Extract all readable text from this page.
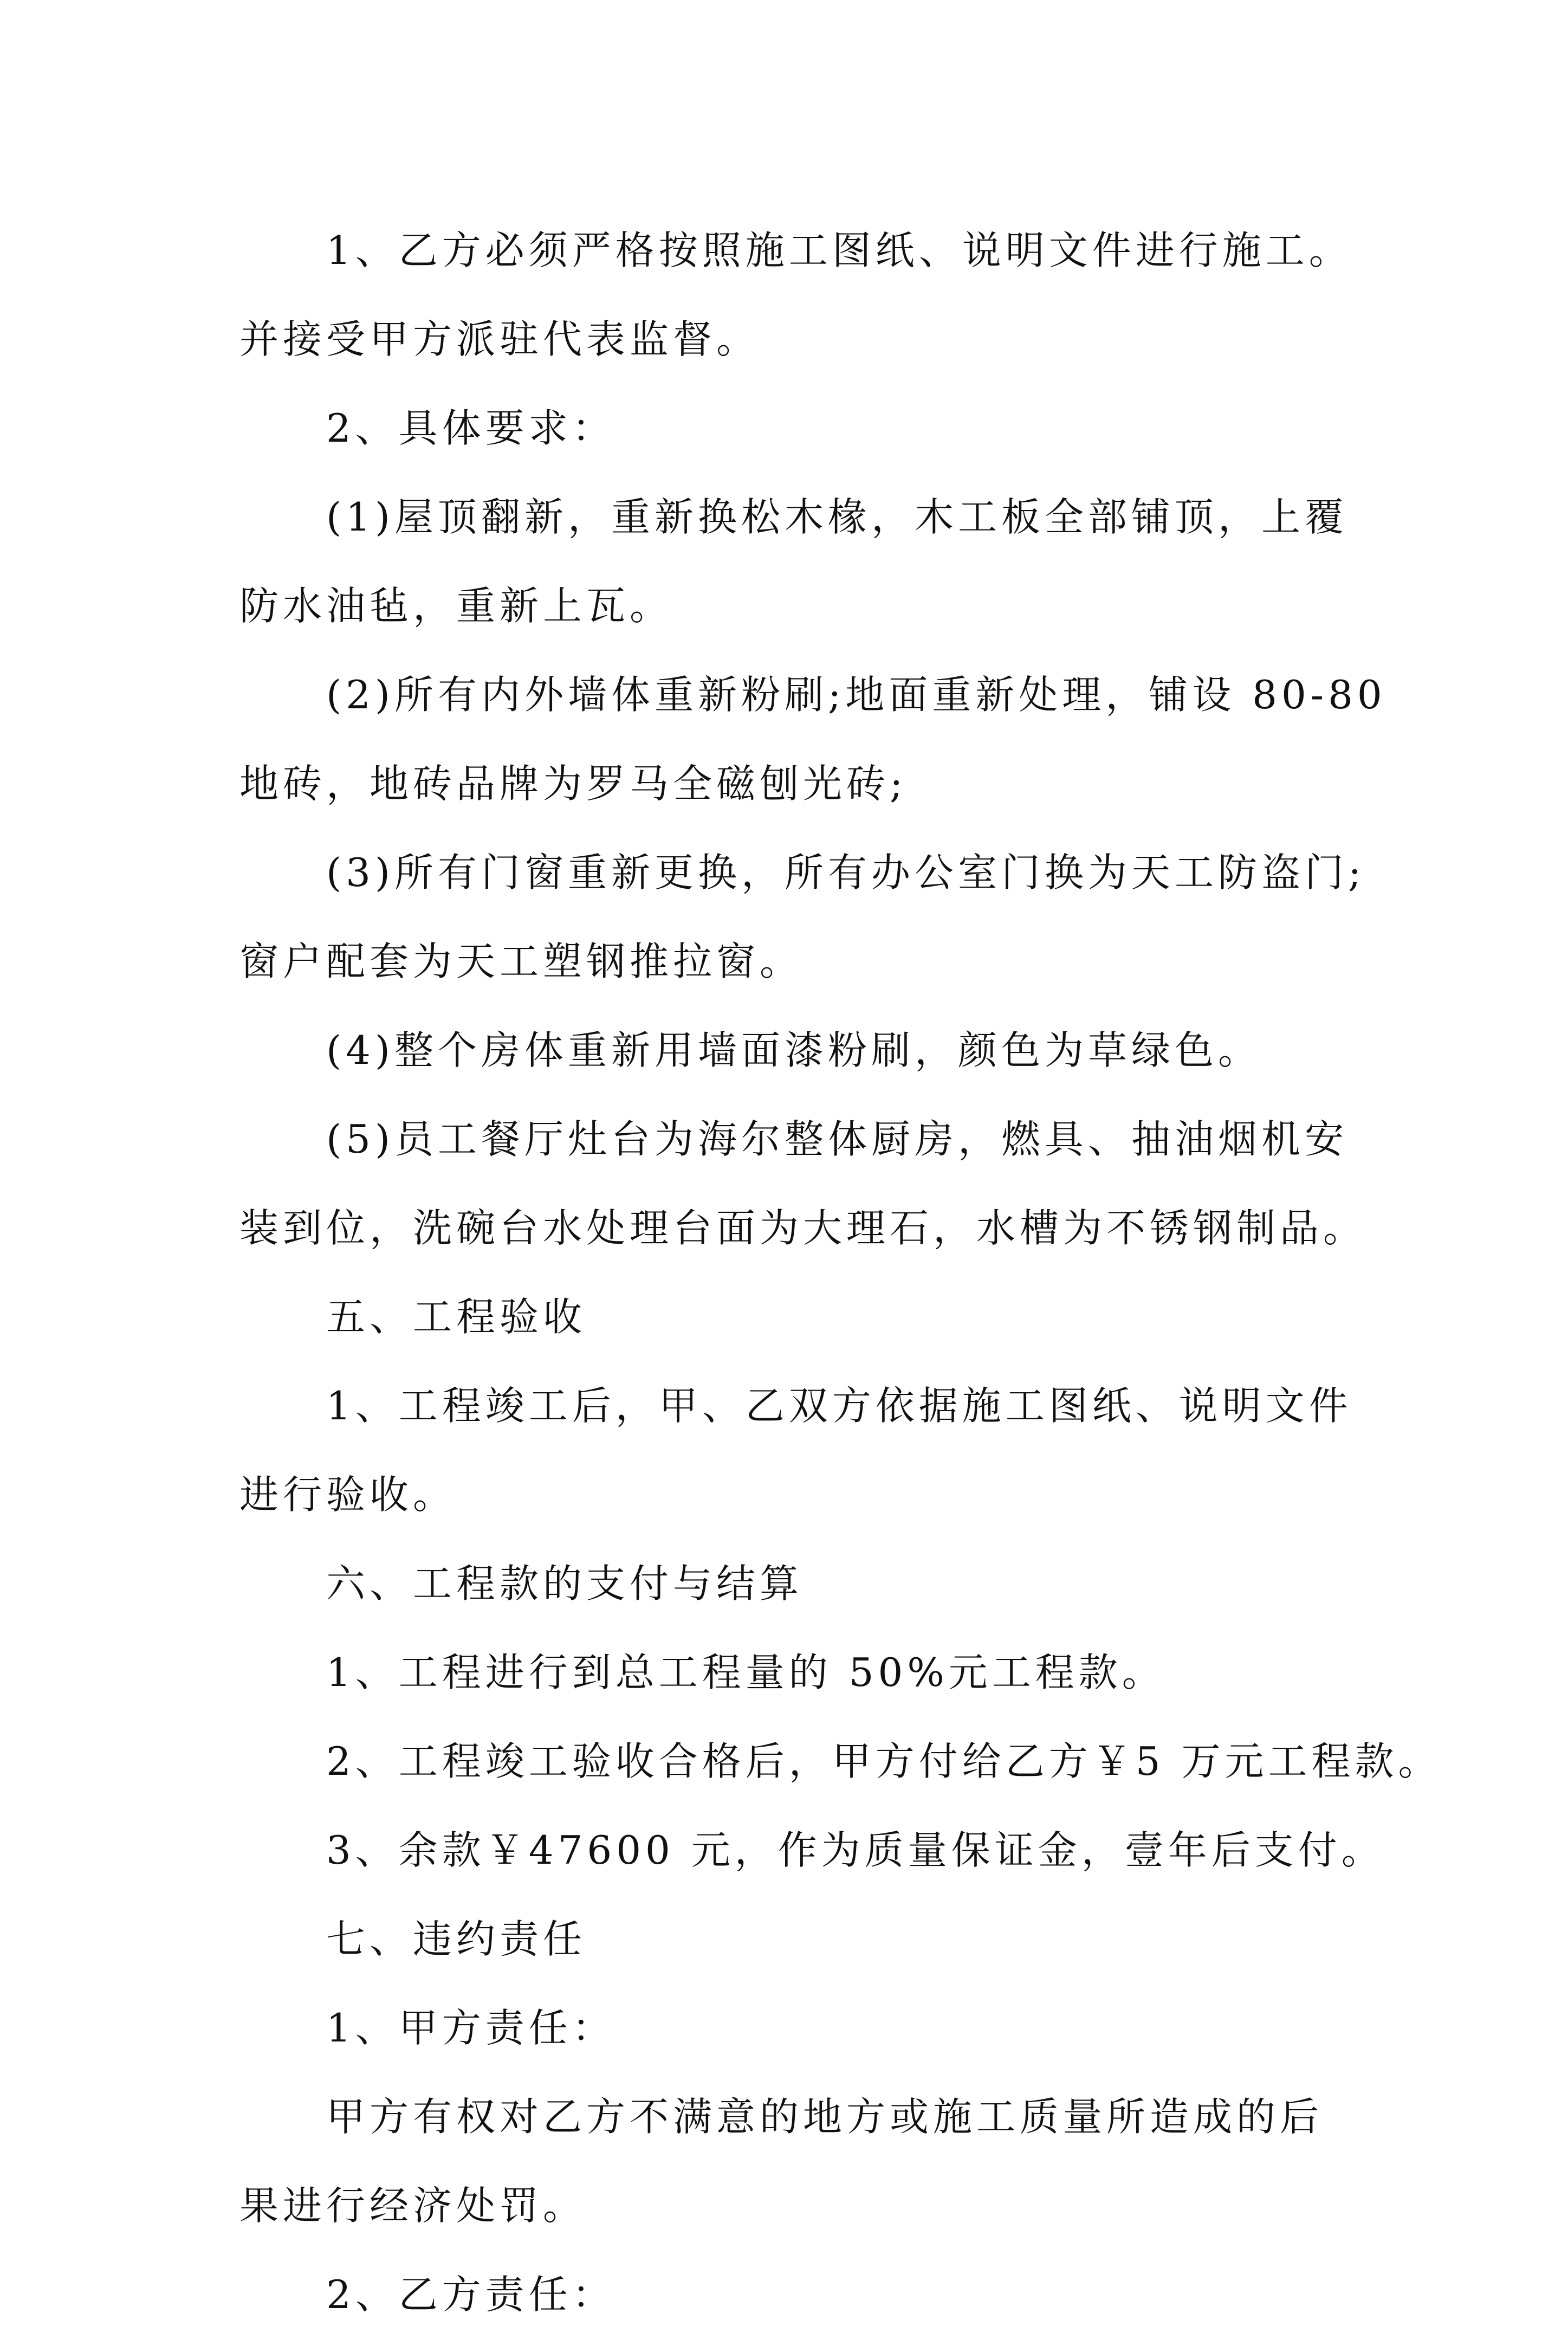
1、乙方必须严格按照施工图纸、说明文件进行施工。
并接受甲方派驻代表监督。

2、具体要求：

(1)屋顶翻新，重新换松木椽，木工板全部铺顶，上覆
防水油毡，重新上瓦。

(2)所有内外墙体重新粉刷;地面重新处理，铺设 80-80
地砖，地砖品牌为罗马全磁刨光砖;

(3)所有门窗重新更换，所有办公室门换为天工防盗门;
窗户配套为天工塑钢推拉窗。

(4)整个房体重新用墙面漆粉刷，颜色为草绿色。

(5)员工餐厅灶台为海尔整体厨房，燃具、抽油烟机安
装到位，洗碗台水处理台面为大理石，水槽为不锈钢制品。

五、工程验收

1、工程竣工后，甲、乙双方依据施工图纸、说明文件
进行验收。

六、工程款的支付与结算

1、工程进行到总工程量的 50%元工程款。

2、工程竣工验收合格后，甲方付给乙方￥5 万元工程款。

3、余款￥47600 元，作为质量保证金，壹年后支付。

七、违约责任

1、甲方责任：

甲方有权对乙方不满意的地方或施工质量所造成的后
果进行经济处罚。

2、乙方责任：
